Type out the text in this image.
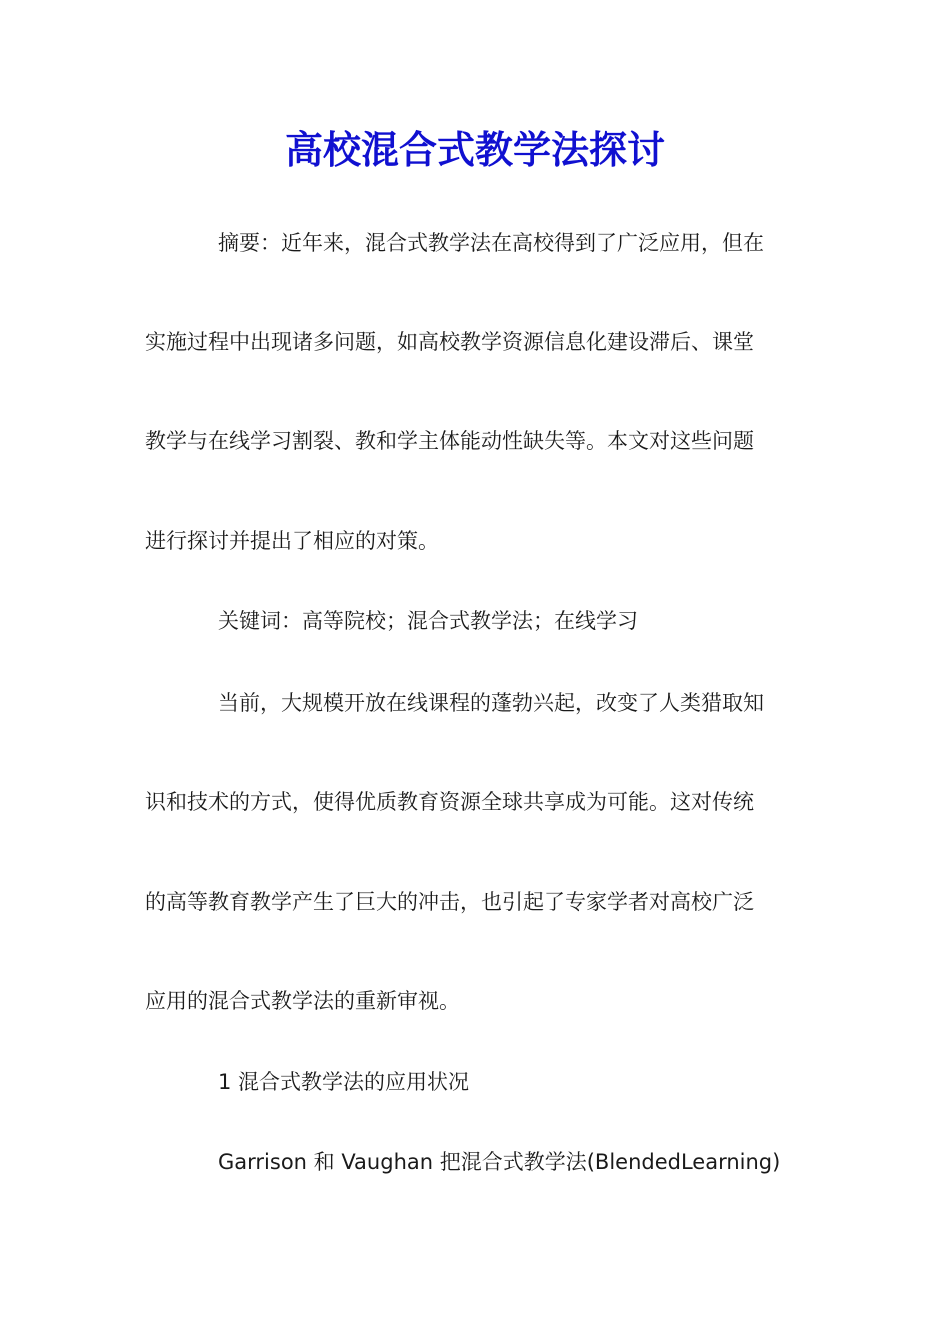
高校混合式教学法探讨

摘要：近年来，混合式教学法在高校得到了广泛应用，但在

实施过程中出现诸多问题，如高校教学资源信息化建设滞后、课堂

教学与在线学习割裂、教和学主体能动性缺失等。本文对这些问题

进行探讨并提出了相应的对策。

关键词：高等院校；混合式教学法；在线学习

当前，大规模开放在线课程的蓬勃兴起，改变了人类猎取知

识和技术的方式，使得优质教育资源全球共享成为可能。这对传统

的高等教育教学产生了巨大的冲击，也引起了专家学者对高校广泛

应用的混合式教学法的重新审视。

1 混合式教学法的应用状况

Garrison 和 Vaughan 把混合式教学法(BlendedLearning)
